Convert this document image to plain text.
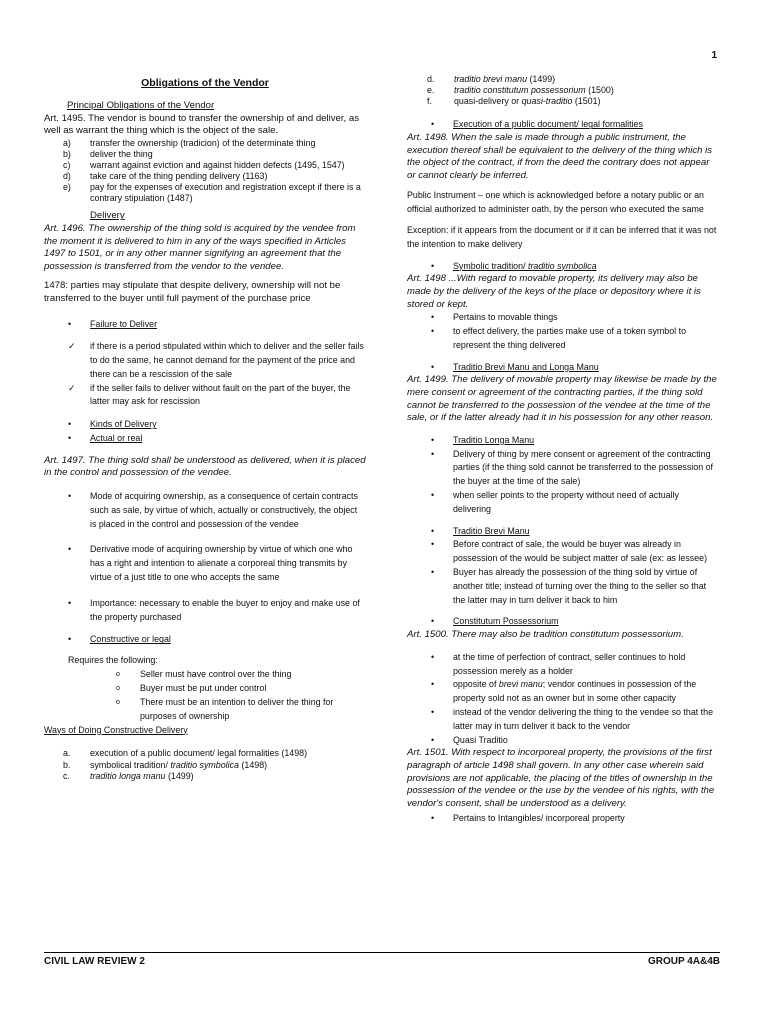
1
Obligations of the Vendor
Principal Obligations of the Vendor
Art. 1495. The vendor is bound to transfer the ownership of and deliver, as well as warrant the thing which is the object of the sale.
a)	transfer the ownership (tradicion) of the determinate thing
b)	deliver the thing
c)	warrant against eviction and against hidden defects (1495, 1547)
d)	take care of the thing pending delivery (1163)
e)	pay for the expenses of execution and registration except if there is a contrary stipulation (1487)
Delivery
Art. 1496. The ownership of the thing sold is acquired by the vendee from the moment it is delivered to him in any of the ways specified in Articles 1497 to 1501, or in any other manner signifying an agreement that the possession is transferred from the vendor to the vendee.
1478: parties may stipulate that despite delivery, ownership will not be transferred to the buyer until full payment of the purchase price
•	Failure to Deliver
✓	if there is a period stipulated within which to deliver and the seller fails to do the same, he cannot demand for the payment of the price and there can be a rescission of the sale
✓	if the seller fails to deliver without fault on the part of the buyer, the latter may ask for rescission
•	Kinds of Delivery
•	Actual or real
Art. 1497. The thing sold shall be understood as delivered, when it is placed in the control and possession of the vendee.
•	Mode of acquiring ownership, as a consequence of certain contracts such as sale, by virtue of which, actually or constructively, the object is placed in the control and possession of the vendee
•	Derivative mode of acquiring ownership by virtue of which one who has a right and intention to alienate a corporeal thing transmits by virtue of a just title to one who accepts the same
•	Importance: necessary to enable the buyer to enjoy and make use of the property purchased
•	Constructive or legal
Requires the following:
o	Seller must have control over the thing
o	Buyer must be put under control
o	There must be an intention to deliver the thing for purposes of ownership
Ways of Doing Constructive Delivery
a.	execution of a public document/ legal formalities (1498)
b.	symbolical tradition/ traditio symbolica (1498)
c.	traditio longa manu (1499)
d.	traditio brevi manu (1499)
e.	traditio constitutum possessorium (1500)
f.	quasi-delivery or quasi-traditio (1501)
•	Execution of a public document/ legal formalities
Art. 1498. When the sale is made through a public instrument, the execution thereof shall be equivalent to the delivery of the thing which is the object of the contract, if from the deed the contrary does not appear or cannot clearly be inferred.
Public Instrument – one which is acknowledged before a notary public or an official authorized to administer oath, by the person who executed the same
Exception: if it appears from the document or if it can be inferred that it was not the intention to make delivery
•	Symbolic tradition/ traditio symbolica
Art. 1498 ...With regard to movable property, its delivery may also be made by the delivery of the keys of the place or depository where it is stored or kept.
•	Pertains to movable things
•	to effect delivery, the parties make use of a token symbol to represent the thing delivered
•	Traditio Brevi Manu and Longa Manu
Art. 1499. The delivery of movable property may likewise be made by the mere consent or agreement of the contracting parties, if the thing sold cannot be transferred to the possession of the vendee at the time of the sale, or if the latter already had it in his possession for any other reason.
•	Traditio Longa Manu
•	Delivery of thing by mere consent or agreement of the contracting parties (if the thing sold cannot be transferred to the possession of the buyer at the time of the sale)
•	when seller points to the property without need of actually delivering
•	Traditio Brevi Manu
•	Before contract of sale, the would be buyer was already in possession of the would be subject matter of sale (ex: as lessee)
•	Buyer has already the possession of the thing sold by virtue of another title; instead of turning over the thing to the seller so that the latter may in turn deliver it back to him
•	Constitutum Possessorium
Art. 1500. There may also be tradition constitutum possessorium.
•	at the time of perfection of contract, seller continues to hold possession merely as a holder
•	opposite of brevi manu; vendor continues in possession of the property sold not as an owner but in some other capacity
•	instead of the vendor delivering the thing to the vendee so that the latter may in turn deliver it back to the vendor
•	Quasi Traditio
Art. 1501. With respect to incorporeal property, the provisions of the first paragraph of article 1498 shall govern. In any other case wherein said provisions are not applicable, the placing of the titles of ownership in the possession of the vendee or the use by the vendee of his rights, with the vendor's consent, shall be understood as a delivery.
•	Pertains to Intangibles/ incorporeal property
CIVIL LAW REVIEW 2	GROUP 4A&4B
